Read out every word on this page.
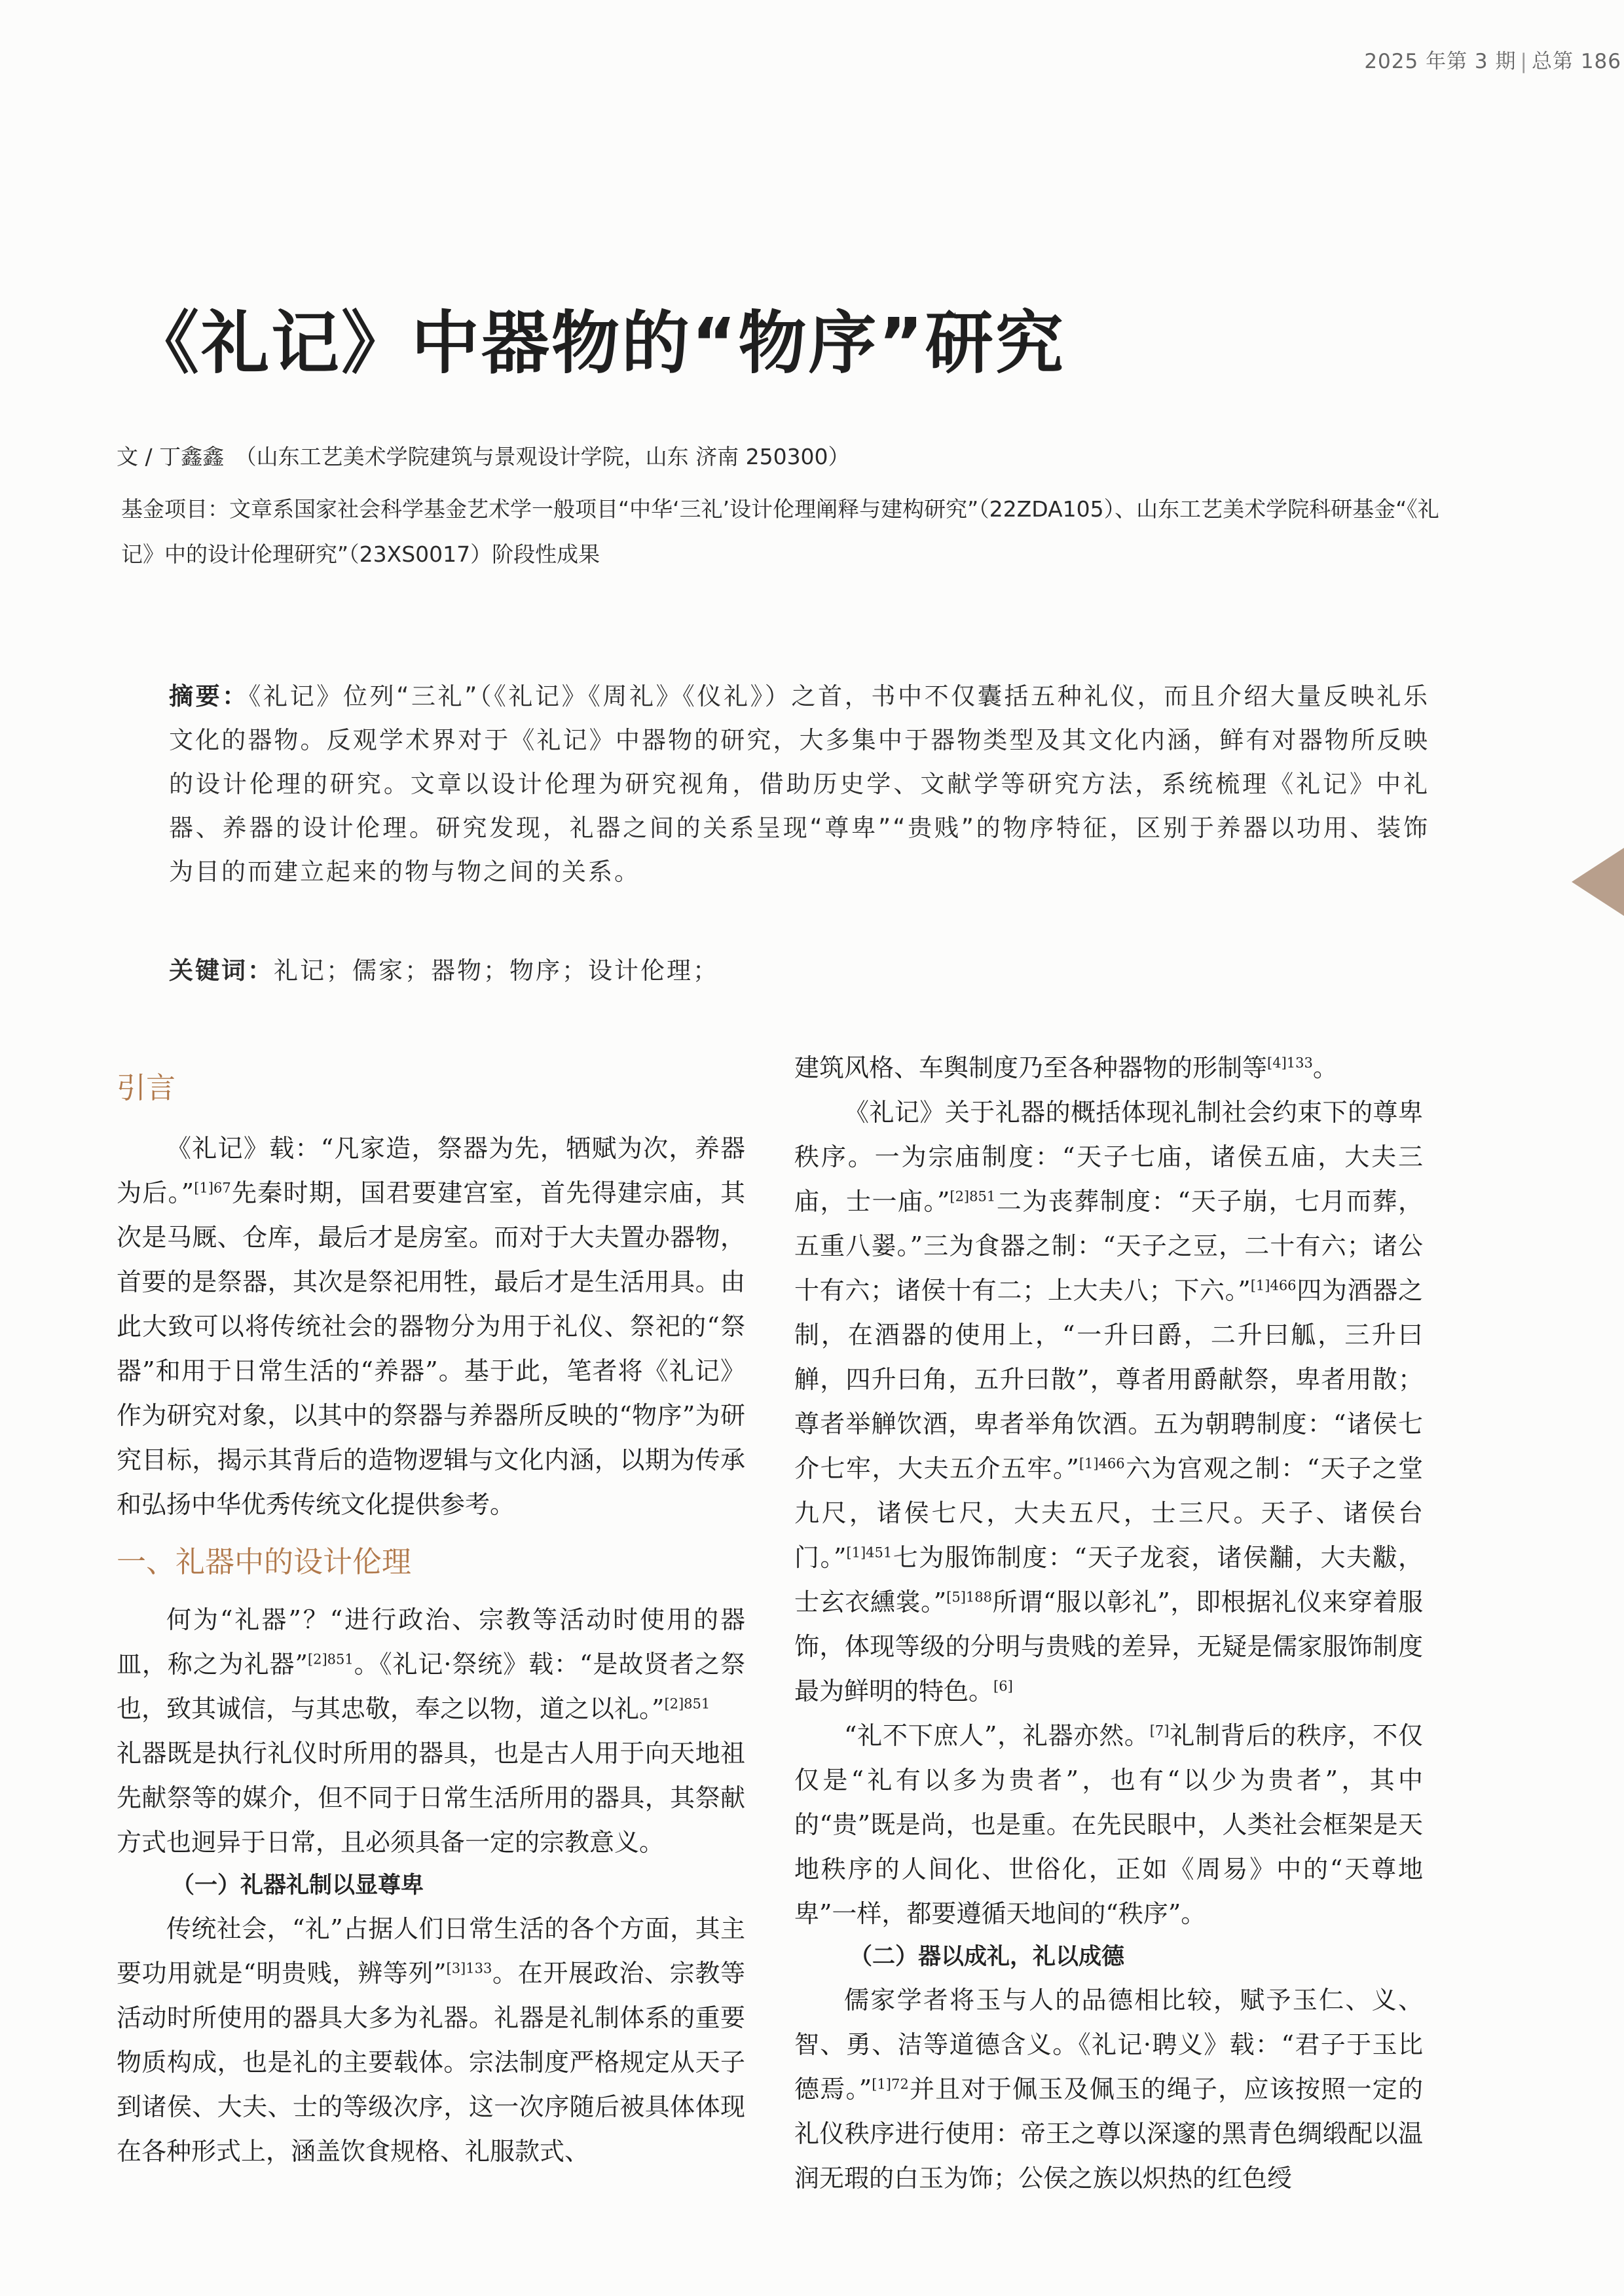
2025 年第 3 期 | 总第 186
《礼记》中器物的“物序”研究
文 / 丁鑫鑫　（山东工艺美术学院建筑与景观设计学院，山东 济南 250300）
基金项目：文章系国家社会科学基金艺术学一般项目“中华‘三礼’设计伦理阐释与建构研究”（22ZDA105）、山东工艺美术学院科研基金“《礼记》中的设计伦理研究”（23XS0017）阶段性成果
摘要：《礼记》位列“三礼”（《礼记》《周礼》《仪礼》）之首，书中不仅囊括五种礼仪，而且介绍大量反映礼乐文化的器物。反观学术界对于《礼记》中器物的研究，大多集中于器物类型及其文化内涵，鲜有对器物所反映的设计伦理的研究。文章以设计伦理为研究视角，借助历史学、文献学等研究方法，系统梳理《礼记》中礼器、养器的设计伦理。研究发现，礼器之间的关系呈现“尊卑”“贵贱”的物序特征，区别于养器以功用、装饰为目的而建立起来的物与物之间的关系。
关键词：礼记；儒家；器物；物序；设计伦理；
引言

《礼记》载：“凡家造，祭器为先，牺赋为次，养器为后。”$^{[1]67}$先秦时期，国君要建宫室，首先得建宗庙，其次是马厩、仓库，最后才是房室。而对于大夫置办器物，首要的是祭器，其次是祭祀用牲，最后才是生活用具。由此大致可以将传统社会的器物分为用于礼仪、祭祀的“祭器”和用于日常生活的“养器”。基于此，笔者将《礼记》作为研究对象，以其中的祭器与养器所反映的“物序”为研究目标，揭示其背后的造物逻辑与文化内涵，以期为传承和弘扬中华优秀传统文化提供参考。

一、礼器中的设计伦理

何为“礼器”？“进行政治、宗教等活动时使用的器皿，称之为礼器”$^{[2]851}$。《礼记·祭统》载：“是故贤者之祭也，致其诚信，与其忠敬，奉之以物，道之以礼。”$^{[2]851}$

礼器既是执行礼仪时所用的器具，也是古人用于向天地祖先献祭等的媒介，但不同于日常生活所用的器具，其祭献方式也迥异于日常，且必须具备一定的宗教意义。

（一）礼器礼制以显尊卑

传统社会，“礼”占据人们日常生活的各个方面，其主要功用就是“明贵贱，辨等列”$^{[3]133}$。在开展政治、宗教等活动时所使用的器具大多为礼器。礼器是礼制体系的重要物质构成，也是礼的主要载体。宗法制度严格规定从天子到诸侯、大夫、士的等级次序，这一次序随后被具体体现在各种形式上，涵盖饮食规格、礼服款式、

建筑风格、车舆制度乃至各种器物的形制等$^{[4]133}$。

《礼记》关于礼器的概括体现礼制社会约束下的尊卑秩序。一为宗庙制度：“天子七庙，诸侯五庙，大夫三庙，士一庙。”$^{[2]851}$二为丧葬制度：“天子崩，七月而葬，五重八翣。”三为食器之制：“天子之豆，二十有六；诸公十有六；诸侯十有二；上大夫八；下六。”$^{[1]466}$四为酒器之制，在酒器的使用上，“一升曰爵，二升曰觚，三升曰觯，四升曰角，五升曰散”，尊者用爵献祭，卑者用散；尊者举觯饮酒，卑者举角饮酒。五为朝聘制度：“诸侯七介七牢，大夫五介五牢。”$^{[1]466}$六为宫观之制：“天子之堂九尺，诸侯七尺，大夫五尺，士三尺。天子、诸侯台门。”$^{[1]451}$七为服饰制度：“天子龙衮，诸侯黼，大夫黻，士玄衣纁裳。”$^{[5]188}$所谓“服以彰礼”，即根据礼仪来穿着服饰，体现等级的分明与贵贱的差异，无疑是儒家服饰制度最为鲜明的特色。[6]

“礼不下庶人”，礼器亦然。[7]礼制背后的秩序，不仅仅是“礼有以多为贵者”，也有“以少为贵者”，其中的“贵”既是尚，也是重。在先民眼中，人类社会框架是天地秩序的人间化、世俗化，正如《周易》中的“天尊地卑”一样，都要遵循天地间的“秩序”。

（二）器以成礼，礼以成德

儒家学者将玉与人的品德相比较，赋予玉仁、义、智、勇、洁等道德含义。《礼记·聘义》载：“君子于玉比德焉。”$^{[1]72}$并且对于佩玉及佩玉的绳子，应该按照一定的礼仪秩序进行使用：帝王之尊以深邃的黑青色绸缎配以温润无瑕的白玉为饰；公侯之族以炽热的红色绶
